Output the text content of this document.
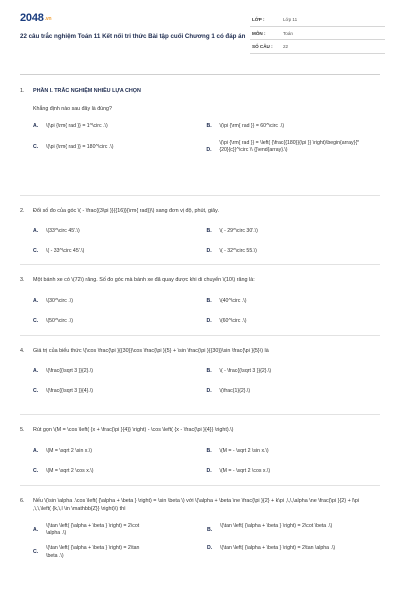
2048.vn
22 câu trắc nghiệm Toán 11 Kết nối tri thức Bài tập cuối Chương 1 có đáp án
LỚP :	Lớp 11
MÔN :	Toán
SỐ CÂU : 22
1. PHẦN I. TRẮC NGHIỆM NHIỀU LỰA CHỌN
Khẳng định nào sau đây là đúng?
A. \(\pi {\rm{ rad }} = 1^\circ .\)	B. \(\pi {\rm{ rad }} = 60^\circ .\)
C. \(\pi {\rm{ rad }} = 180^\circ .\)	D.
\(\pi {\rm{ rad }} = \left( {\frac{{180}}{\pi }} \right)\begin{array}{*{20}{c}}^\circ \\ {}\end{array}.\)
2. Đổi số đo của góc \( - \frac{{3\pi }}{{16}}{\rm{ rad}}\) sang đơn vị độ, phút, giây.
A. \(33^\circ 45'.\)	B. \( - 29^\circ 30'.\)
C. \( - 33^\circ 45'.\)	D. \( - 32^\circ 55.\)
3. Một bánh xe có \(72\) răng. Số đo góc mà bánh xe đã quay được khi di chuyển \(10\) răng là:
A. \(30^\circ .\)	B. \(40^\circ .\)
C. \(50^\circ .\)	D. \(60^\circ .\)
4. Giá trị của biểu thức \(\cos \frac{\pi }{{30}}\cos \frac{\pi }{5} + \sin \frac{\pi }{{30}}\sin \frac{\pi }{5}\) là
A. \(\frac{{\sqrt 3 }}{2}.\)	B. \( - \frac{{\sqrt 3 }}{2}.\)
C. \(\frac{{\sqrt 3 }}{4}.\)	D. \(\frac{1}{2}.\)
5. Rút gọn \(M = \cos \left( {x + \frac{\pi }{4}} \right) - \cos \left( {x - \frac{\pi }{4}} \right).\)
A. \(M = \sqrt 2 \sin x.\)	B. \(M = - \sqrt 2 \sin x.\)
C. \(M = \sqrt 2 \cos x.\)	D. \(M = - \sqrt 2 \cos x.\)
6. Nếu \(\sin \alpha .\cos \left( {\alpha + \beta } \right) = \sin \beta \) với \(\alpha + \beta \ne \frac{\pi }{2} + k\pi ,\,\,\alpha \ne \frac{\pi }{2} + l\pi ,\,\,\left( {k,\,l \in \mathbb{Z}} \right)\) thì
A.
\(\tan \left( {\alpha + \beta } \right) = 2\cot \alpha .\)
B.
\(\tan \left( {\alpha + \beta } \right) = 2\cot \beta .\)
C.
\(\tan \left( {\alpha + \beta } \right) = 2\tan \beta .\)
D. \(\tan \left( {\alpha + \beta } \right) = 2\tan \alpha .\)
